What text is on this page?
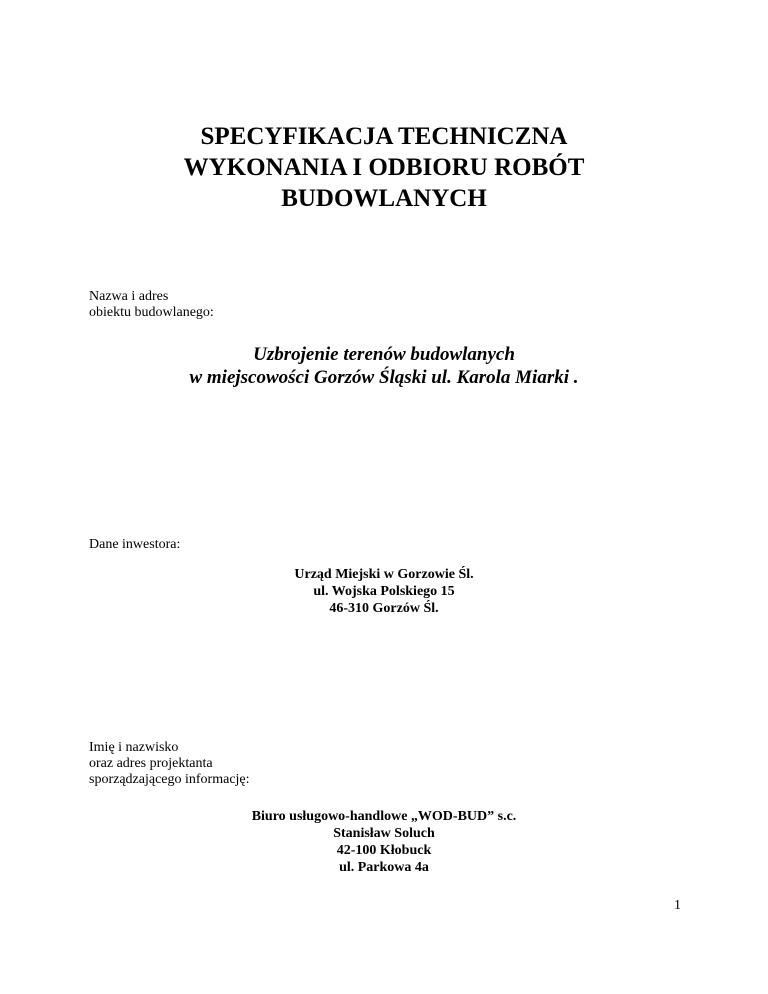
SPECYFIKACJA TECHNICZNA
WYKONANIA I ODBIORU ROBÓT
BUDOWLANYCH
Nazwa i adres
obiektu budowlanego:
Uzbrojenie terenów budowlanych
w miejscowości Gorzów Śląski ul. Karola Miarki .
Dane inwestora:
Urząd Miejski w Gorzowie Śl.
ul. Wojska Polskiego 15
46-310 Gorzów Śl.
Imię i nazwisko
oraz adres projektanta
sporządzającego informację:
Biuro usługowo-handlowe „WOD-BUD” s.c.
Stanisław Soluch
42-100 Kłobuck
ul. Parkowa 4a
1
